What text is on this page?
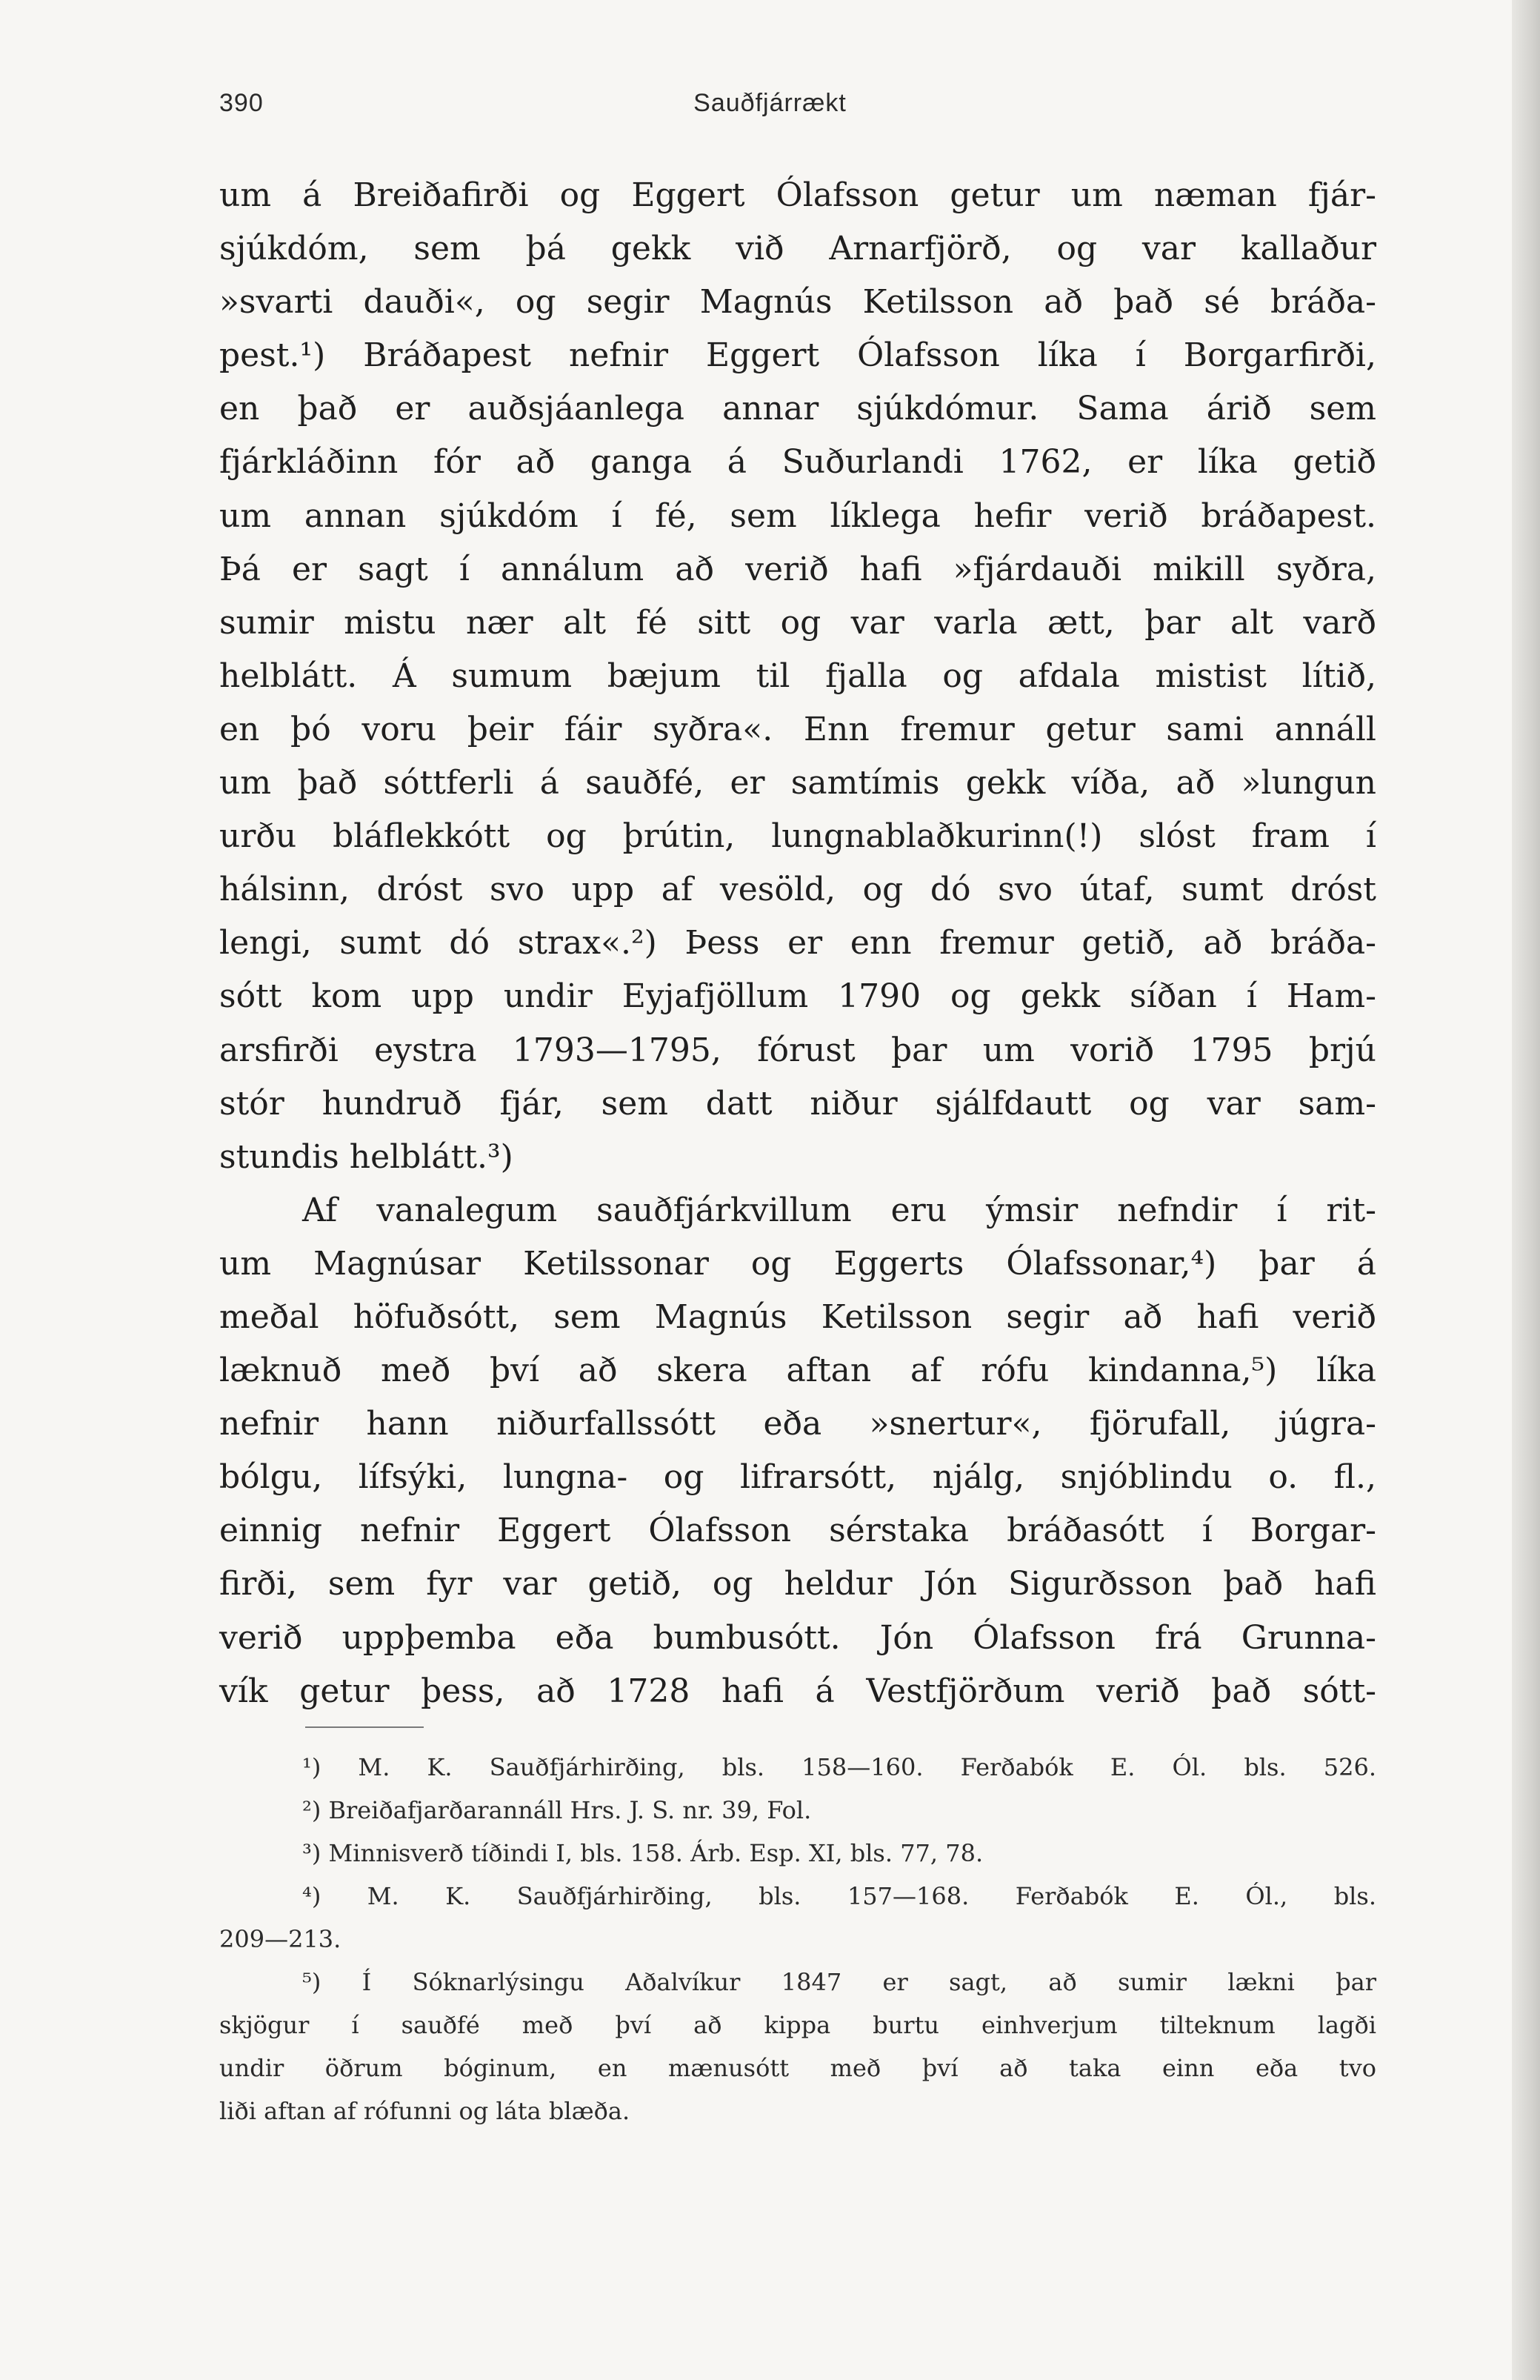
390	Sauðfjárrækt
um á Breiðafirði og Eggert Ólafsson getur um næman fjár-
sjúkdóm, sem þá gekk við Arnarfjörð, og var kallaður
»svarti dauði«, og segir Magnús Ketilsson að það sé bráða-
pest.¹) Bráðapest nefnir Eggert Ólafsson líka í Borgarfirði,
en það er auðsjáanlega annar sjúkdómur. Sama árið sem
fjárkláðinn fór að ganga á Suðurlandi 1762, er líka getið
um annan sjúkdóm í fé, sem líklega hefir verið bráðapest.
Þá er sagt í annálum að verið hafi »fjárdauði mikill syðra,
sumir mistu nær alt fé sitt og var varla ætt, þar alt varð
helblátt. Á sumum bæjum til fjalla og afdala mistist lítið,
en þó voru þeir fáir syðra«. Enn fremur getur sami annáll
um það sóttferli á sauðfé, er samtímis gekk víða, að »lungun
urðu bláflekkótt og þrútin, lungnablaðkurinn(!) slóst fram í
hálsinn, dróst svo upp af vesöld, og dó svo útaf, sumt dróst
lengi, sumt dó strax«.²) Þess er enn fremur getið, að bráða-
sótt kom upp undir Eyjafjöllum 1790 og gekk síðan í Ham-
arsfirði eystra 1793—1795, fórust þar um vorið 1795 þrjú
stór hundruð fjár, sem datt niður sjálfdautt og var sam-
stundis helblátt.³)
Af vanalegum sauðfjárkvillum eru ýmsir nefndir í rit-
um Magnúsar Ketilssonar og Eggerts Ólafssonar,⁴) þar á
meðal höfuðsótt, sem Magnús Ketilsson segir að hafi verið
læknuð með því að skera aftan af rófu kindanna,⁵) líka
nefnir hann niðurfallssótt eða »snertur«, fjörufall, júgra-
bólgu, lífsýki, lungna- og lifrarsótt, njálg, snjóblindu o. fl.,
einnig nefnir Eggert Ólafsson sérstaka bráðasótt í Borgar-
firði, sem fyr var getið, og heldur Jón Sigurðsson það hafi
verið uppþemba eða bumbusótt. Jón Ólafsson frá Grunna-
vík getur þess, að 1728 hafi á Vestfjörðum verið það sótt-
¹) M. K. Sauðfjárhirðing, bls. 158—160. Ferðabók E. Ól. bls. 526.
²) Breiðafjarðarannáll Hrs. J. S. nr. 39, Fol.
³) Minnisverð tíðindi I, bls. 158. Árb. Esp. XI, bls. 77, 78.
⁴) M. K. Sauðfjárhirðing, bls. 157—168. Ferðabók E. Ól., bls.
209—213.
⁵) Í Sóknarlýsingu Aðalvíkur 1847 er sagt, að sumir lækni þar
skjögur í sauðfé með því að kippa burtu einhverjum tilteknum lagði
undir öðrum bóginum, en mænusótt með því að taka einn eða tvo
liði aftan af rófunni og láta blæða.
